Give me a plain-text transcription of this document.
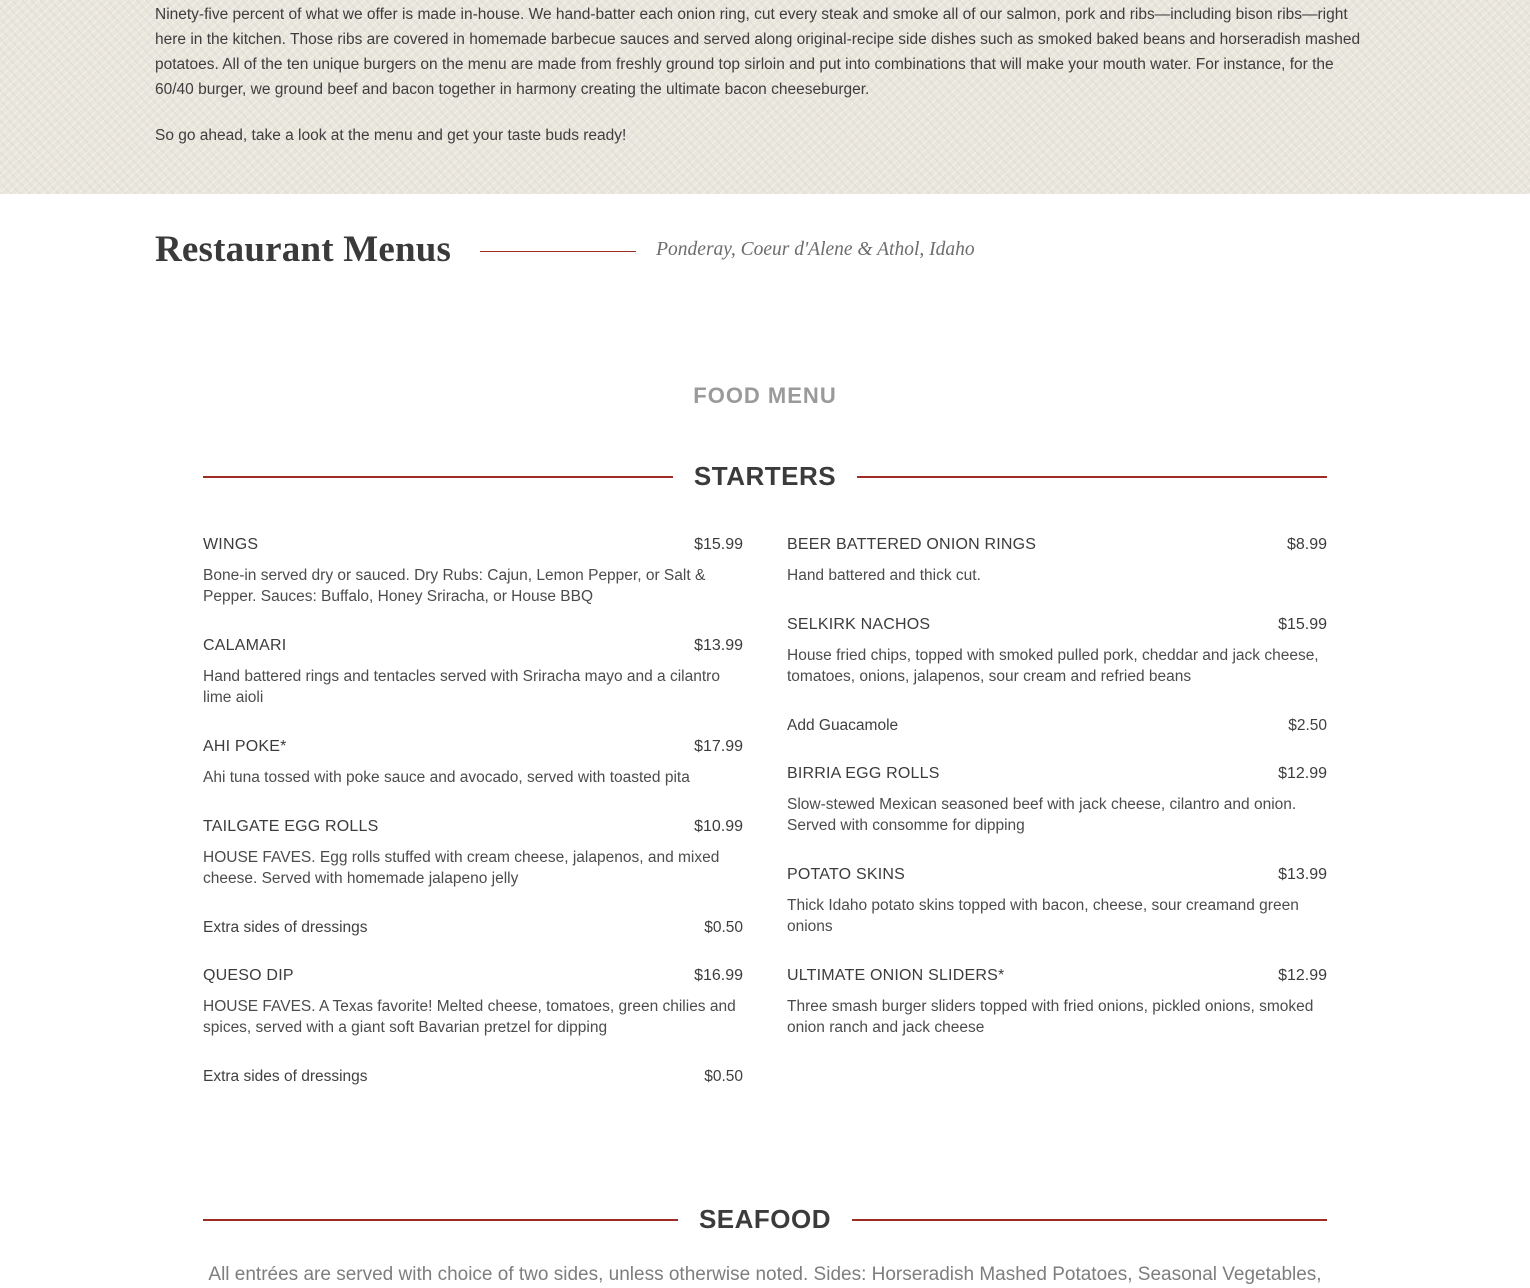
Ninety-five percent of what we offer is made in-house. We hand-batter each onion ring, cut every steak and smoke all of our salmon, pork and ribs—including bison ribs—right here in the kitchen. Those ribs are covered in homemade barbecue sauces and served along original-recipe side dishes such as smoked baked beans and horseradish mashed potatoes. All of the ten unique burgers on the menu are made from freshly ground top sirloin and put into combinations that will make your mouth water. For instance, for the 60/40 burger, we ground beef and bacon together in harmony creating the ultimate bacon cheeseburger.

So go ahead, take a look at the menu and get your taste buds ready!

Restaurant Menus	Ponderay, Coeur d'Alene & Athol, Idaho
FOOD MENU
STARTERS
WINGS	$15.99

Bone-in served dry or sauced. Dry Rubs: Cajun, Lemon Pepper, or Salt & Pepper. Sauces: Buffalo, Honey Sriracha, or House BBQ

CALAMARI	$13.99

Hand battered rings and tentacles served with Sriracha mayo and a cilantro lime aioli

AHI POKE*	$17.99

Ahi tuna tossed with poke sauce and avocado, served with toasted pita

TAILGATE EGG ROLLS	$10.99

HOUSE FAVES. Egg rolls stuffed with cream cheese, jalapenos, and mixed cheese. Served with homemade jalapeno jelly

Extra sides of dressings	$0.50
QUESO DIP	$16.99

HOUSE FAVES. A Texas favorite! Melted cheese, tomatoes, green chilies and spices, served with a giant soft Bavarian pretzel for dipping

Extra sides of dressings	$0.50
BEER BATTERED ONION RINGS	$8.99

Hand battered and thick cut.

SELKIRK NACHOS	$15.99

House fried chips, topped with smoked pulled pork, cheddar and jack cheese, tomatoes, onions, jalapenos, sour cream and refried beans

Add Guacamole	$2.50
BIRRIA EGG ROLLS	$12.99

Slow-stewed Mexican seasoned beef with jack cheese, cilantro and onion. Served with consomme for dipping

POTATO SKINS	$13.99

Thick Idaho potato skins topped with bacon, cheese, sour creamand green onions

ULTIMATE ONION SLIDERS*	$12.99

Three smash burger sliders topped with fried onions, pickled onions, smoked onion ranch and jack cheese

SEAFOOD

All entrées are served with choice of two sides, unless otherwise noted. Sides: Horseradish Mashed Potatoes, Seasonal Vegetables,
